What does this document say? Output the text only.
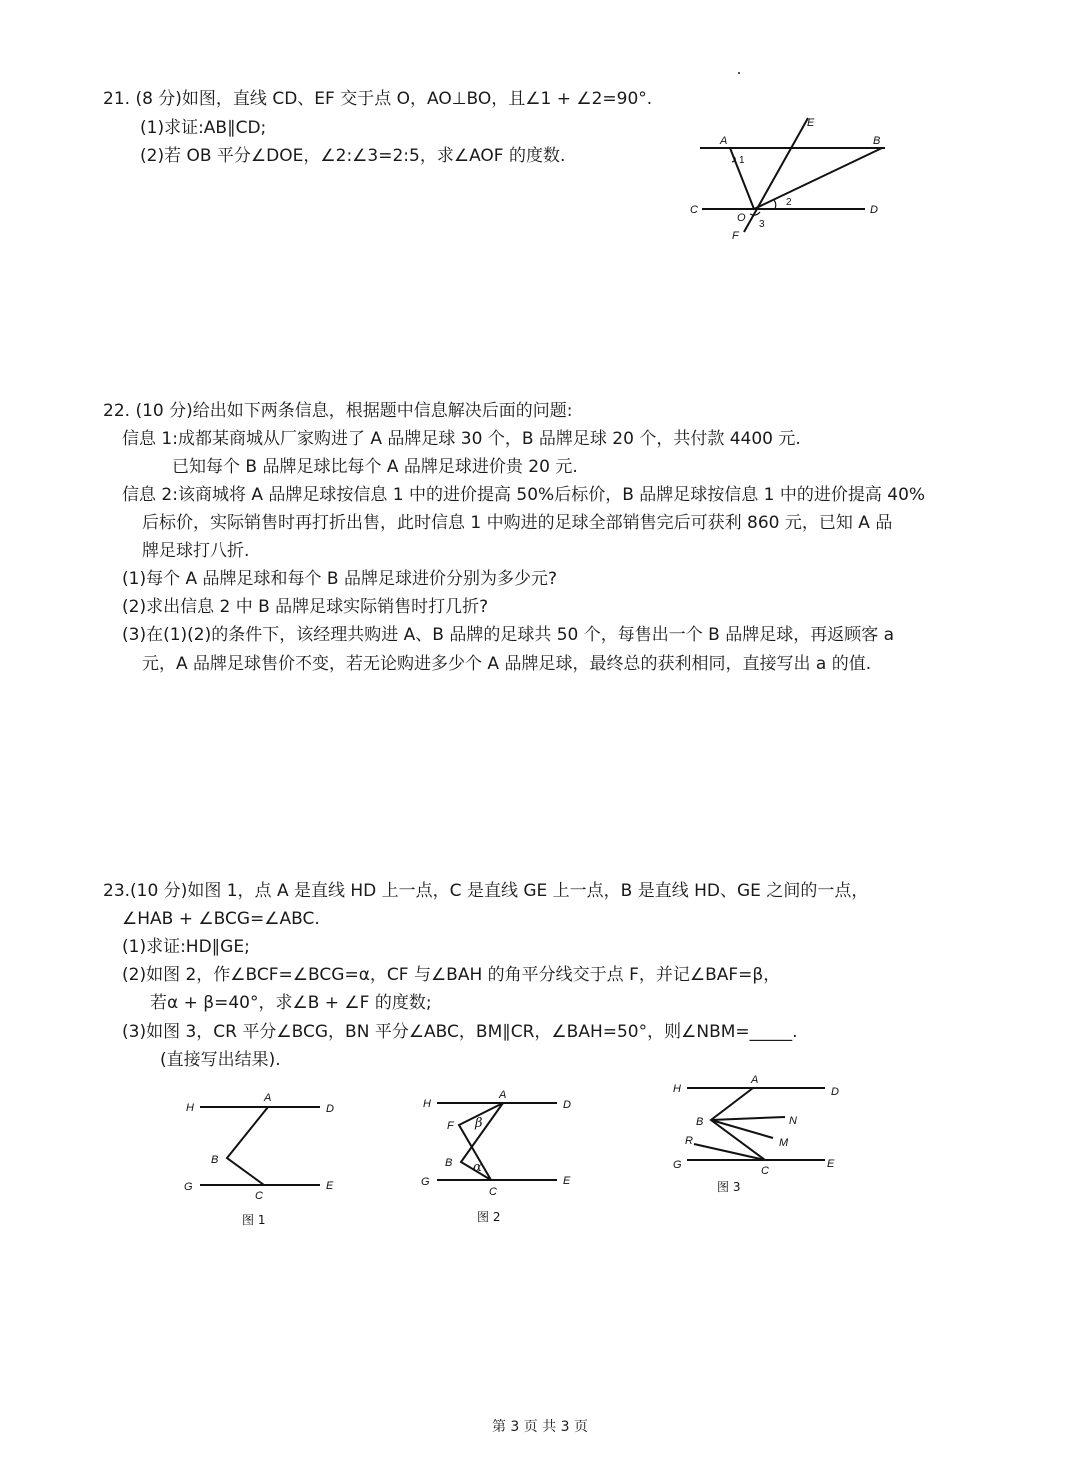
21. (8 分)如图，直线 CD、EF 交于点 O，AO⊥BO，且∠1 + ∠2=90°.
(1)求证:AB∥CD;
(2)若 OB 平分∠DOE，∠2:∠3=2:5，求∠AOF 的度数.
A	B
C	D
E
F
O
1
2
3
22. (10 分)给出如下两条信息，根据题中信息解决后面的问题:
信息 1:成都某商城从厂家购进了 A 品牌足球 30 个，B 品牌足球 20 个，共付款 4400 元.
已知每个 B 品牌足球比每个 A 品牌足球进价贵 20 元.
信息 2:该商城将 A 品牌足球按信息 1 中的进价提高 50%后标价，B 品牌足球按信息 1 中的进价提高 40%
后标价，实际销售时再打折出售，此时信息 1 中购进的足球全部销售完后可获利 860 元，已知 A 品
牌足球打八折.
(1)每个 A 品牌足球和每个 B 品牌足球进价分别为多少元?
(2)求出信息 2 中 B 品牌足球实际销售时打几折?
(3)在(1)(2)的条件下，该经理共购进 A、B 品牌的足球共 50 个，每售出一个 B 品牌足球，再返顾客 a
元，A 品牌足球售价不变，若无论购进多少个 A 品牌足球，最终总的获利相同，直接写出 a 的值.
23.(10 分)如图 1，点 A 是直线 HD 上一点，C 是直线 GE 上一点，B 是直线 HD、GE 之间的一点，
∠HAB + ∠BCG=∠ABC.
(1)求证:HD∥GE;
(2)如图 2，作∠BCF=∠BCG=α，CF 与∠BAH 的角平分线交于点 F，并记∠BAF=β，
若α + β=40°，求∠B + ∠F 的度数;
(3)如图 3，CR 平分∠BCG，BN 平分∠ABC，BM∥CR，∠BAH=50°，则∠NBM=_____.
(直接写出结果).
H
A
D
B
G
C
E
图 1
H
A
D
F
B
G
C
E
β
α
图 2
H
A
D
B	N
R	M
G	C
E
图 3
第 3 页 共 3 页
